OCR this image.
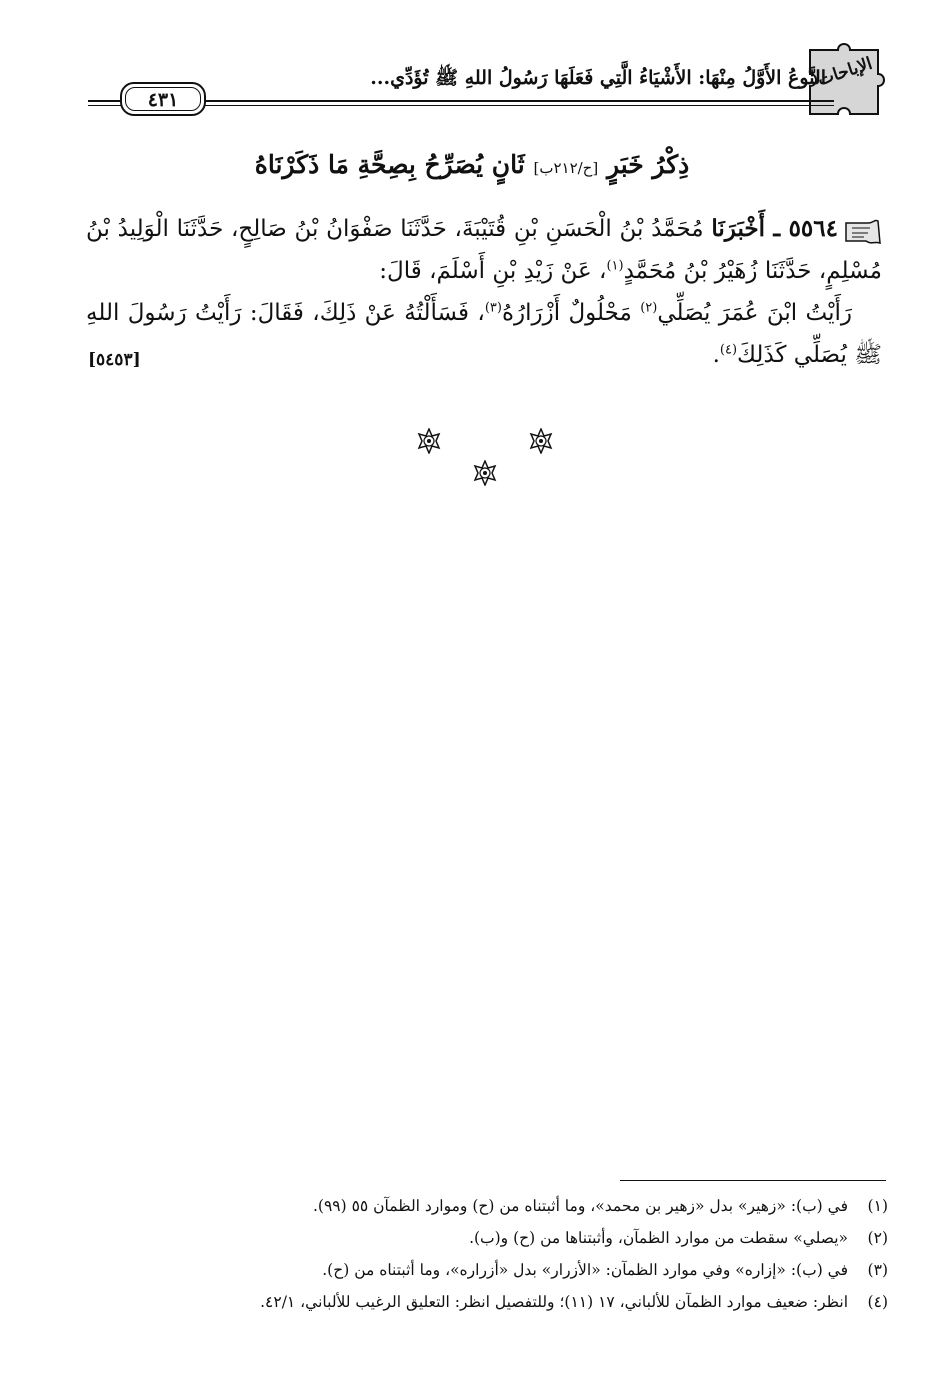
الإباحات
النَّوعُ الأَوَّلُ مِنْهَا: الأَشْيَاءُ الَّتِي فَعَلَهَا رَسُولُ اللهِ ﷺ تُؤَدِّي...
٤٣١
ذِكْرُ خَبَرٍ [ح/٢١٢ب] ثَانٍ يُصَرِّحُ بِصِحَّةِ مَا ذَكَرْنَاهُ
٥٥٦٤ ـ أَخْبَرَنَا مُحَمَّدُ بْنُ الْحَسَنِ بْنِ قُتَيْبَةَ، حَدَّثَنَا صَفْوَانُ بْنُ صَالِحٍ، حَدَّثَنَا الْوَلِيدُ بْنُ مُسْلِمٍ، حَدَّثَنَا زُهَيْرُ بْنُ مُحَمَّدٍ$^{(١)}$، عَنْ زَيْدِ بْنِ أَسْلَمَ، قَالَ:
رَأَيْتُ ابْنَ عُمَرَ يُصَلِّي$^{(٢)}$ مَحْلُولٌ أَزْرَارُهُ$^{(٣)}$، فَسَأَلْتُهُ عَنْ ذَلِكَ، فَقَالَ: رَأَيْتُ رَسُولَ اللهِ ﷺ يُصَلِّي كَذَلِكَ$^{(٤)}$.
[٥٤٥٣]
(١)في (ب): «زهير» بدل «زهير بن محمد»، وما أثبتناه من (ح) وموارد الظمآن ٥٥ (٩٩).
(٢)«يصلي» سقطت من موارد الظمآن، وأثبتناها من (ح) و(ب).
(٣)في (ب): «إزاره» وفي موارد الظمآن: «الأزرار» بدل «أزراره»، وما أثبتناه من (ح).
(٤)انظر: ضعيف موارد الظمآن للألباني، ١٧ (١١)؛ وللتفصيل انظر: التعليق الرغيب للألباني، ٤٢/١.
